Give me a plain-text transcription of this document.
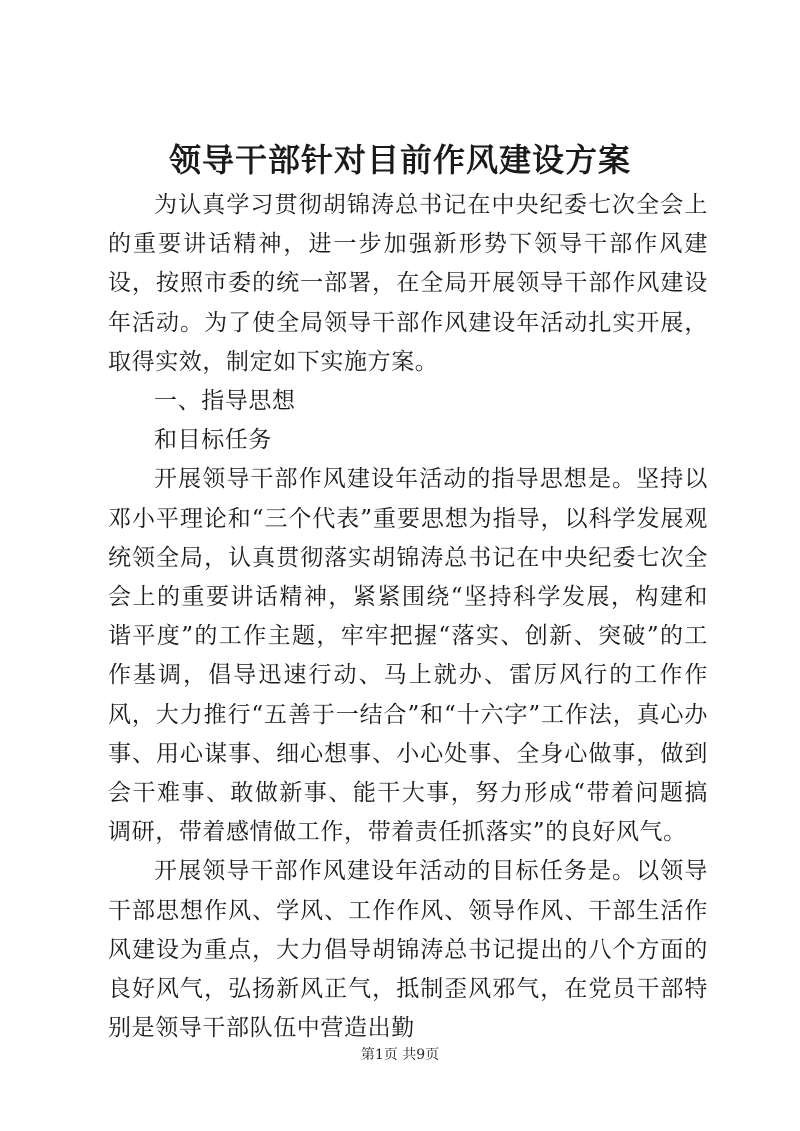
领导干部针对目前作风建设方案

为认真学习贯彻胡锦涛总书记在中央纪委七次全会上的重要讲话精神，进一步加强新形势下领导干部作风建设，按照市委的统一部署，在全局开展领导干部作风建设年活动。为了使全局领导干部作风建设年活动扎实开展，取得实效，制定如下实施方案。

一、指导思想

和目标任务

开展领导干部作风建设年活动的指导思想是。坚持以邓小平理论和“三个代表”重要思想为指导，以科学发展观统领全局，认真贯彻落实胡锦涛总书记在中央纪委七次全会上的重要讲话精神，紧紧围绕“坚持科学发展，构建和谐平度”的工作主题，牢牢把握“落实、创新、突破”的工作基调，倡导迅速行动、马上就办、雷厉风行的工作作风，大力推行“五善于一结合”和“十六字”工作法，真心办事、用心谋事、细心想事、小心处事、全身心做事，做到会干难事、敢做新事、能干大事，努力形成“带着问题搞调研，带着感情做工作，带着责任抓落实”的良好风气。

开展领导干部作风建设年活动的目标任务是。以领导干部思想作风、学风、工作作风、领导作风、干部生活作风建设为重点，大力倡导胡锦涛总书记提出的八个方面的良好风气，弘扬新风正气，抵制歪风邪气，在党员干部特别是领导干部队伍中营造出勤

第1页 共9页
